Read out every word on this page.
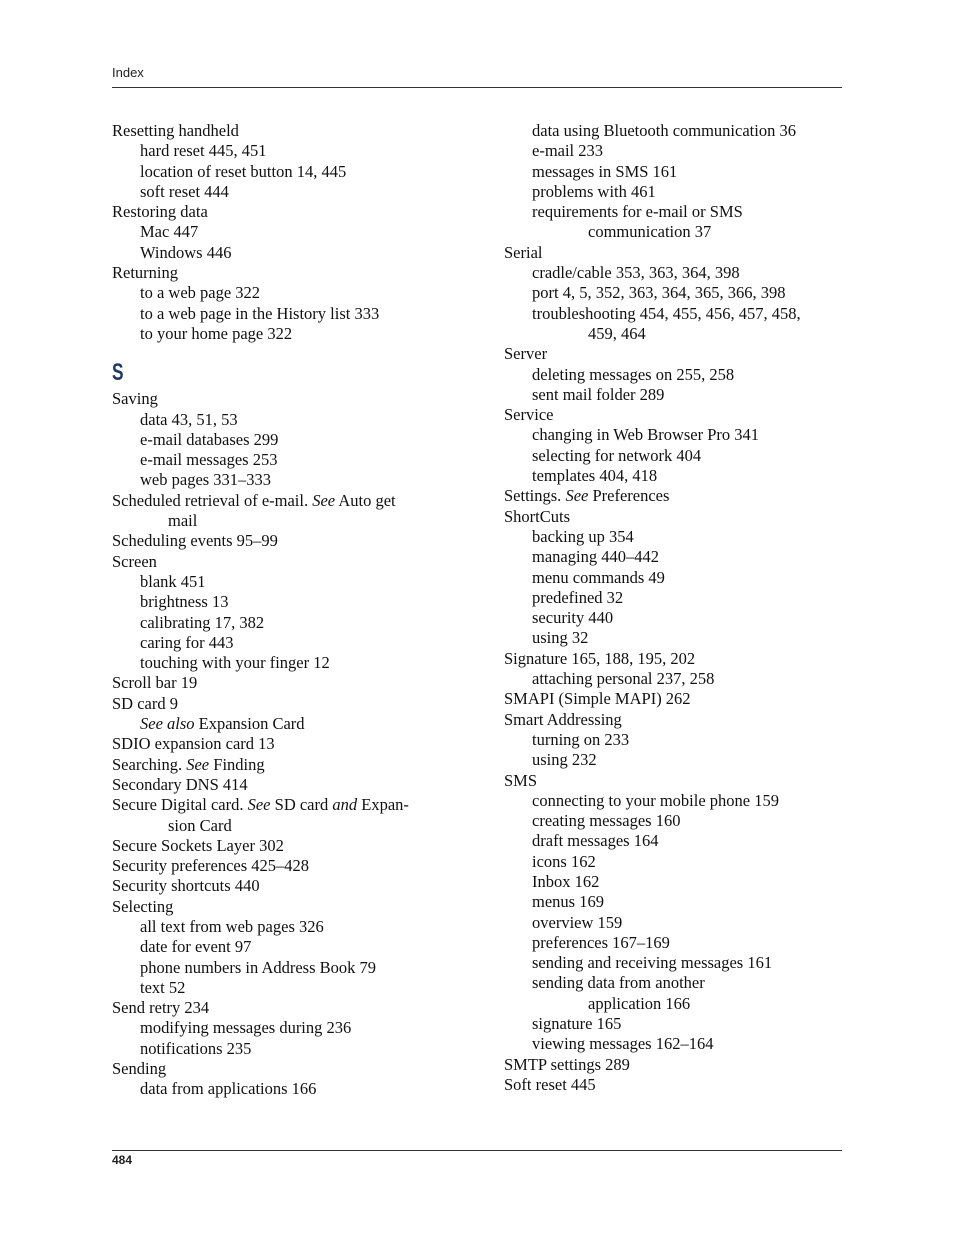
Index
Resetting handheld
hard reset 445, 451
location of reset button 14, 445
soft reset 444
Restoring data
Mac 447
Windows 446
Returning
to a web page 322
to a web page in the History list 333
to your home page 322
S
Saving
data 43, 51, 53
e-mail databases 299
e-mail messages 253
web pages 331–333
Scheduled retrieval of e-mail. See Auto get
mail
Scheduling events 95–99
Screen
blank 451
brightness 13
calibrating 17, 382
caring for 443
touching with your finger 12
Scroll bar 19
SD card 9
See also Expansion Card
SDIO expansion card 13
Searching. See Finding
Secondary DNS 414
Secure Digital card. See SD card and Expan-
sion Card
Secure Sockets Layer 302
Security preferences 425–428
Security shortcuts 440
Selecting
all text from web pages 326
date for event 97
phone numbers in Address Book 79
text 52
Send retry 234
modifying messages during 236
notifications 235
Sending
data from applications 166
data using Bluetooth communication 36
e-mail 233
messages in SMS 161
problems with 461
requirements for e-mail or SMS
communication 37
Serial
cradle/cable 353, 363, 364, 398
port 4, 5, 352, 363, 364, 365, 366, 398
troubleshooting 454, 455, 456, 457, 458,
459, 464
Server
deleting messages on 255, 258
sent mail folder 289
Service
changing in Web Browser Pro 341
selecting for network 404
templates 404, 418
Settings. See Preferences
ShortCuts
backing up 354
managing 440–442
menu commands 49
predefined 32
security 440
using 32
Signature 165, 188, 195, 202
attaching personal 237, 258
SMAPI (Simple MAPI) 262
Smart Addressing
turning on 233
using 232
SMS
connecting to your mobile phone 159
creating messages 160
draft messages 164
icons 162
Inbox 162
menus 169
overview 159
preferences 167–169
sending and receiving messages 161
sending data from another
application 166
signature 165
viewing messages 162–164
SMTP settings 289
Soft reset 445
484
